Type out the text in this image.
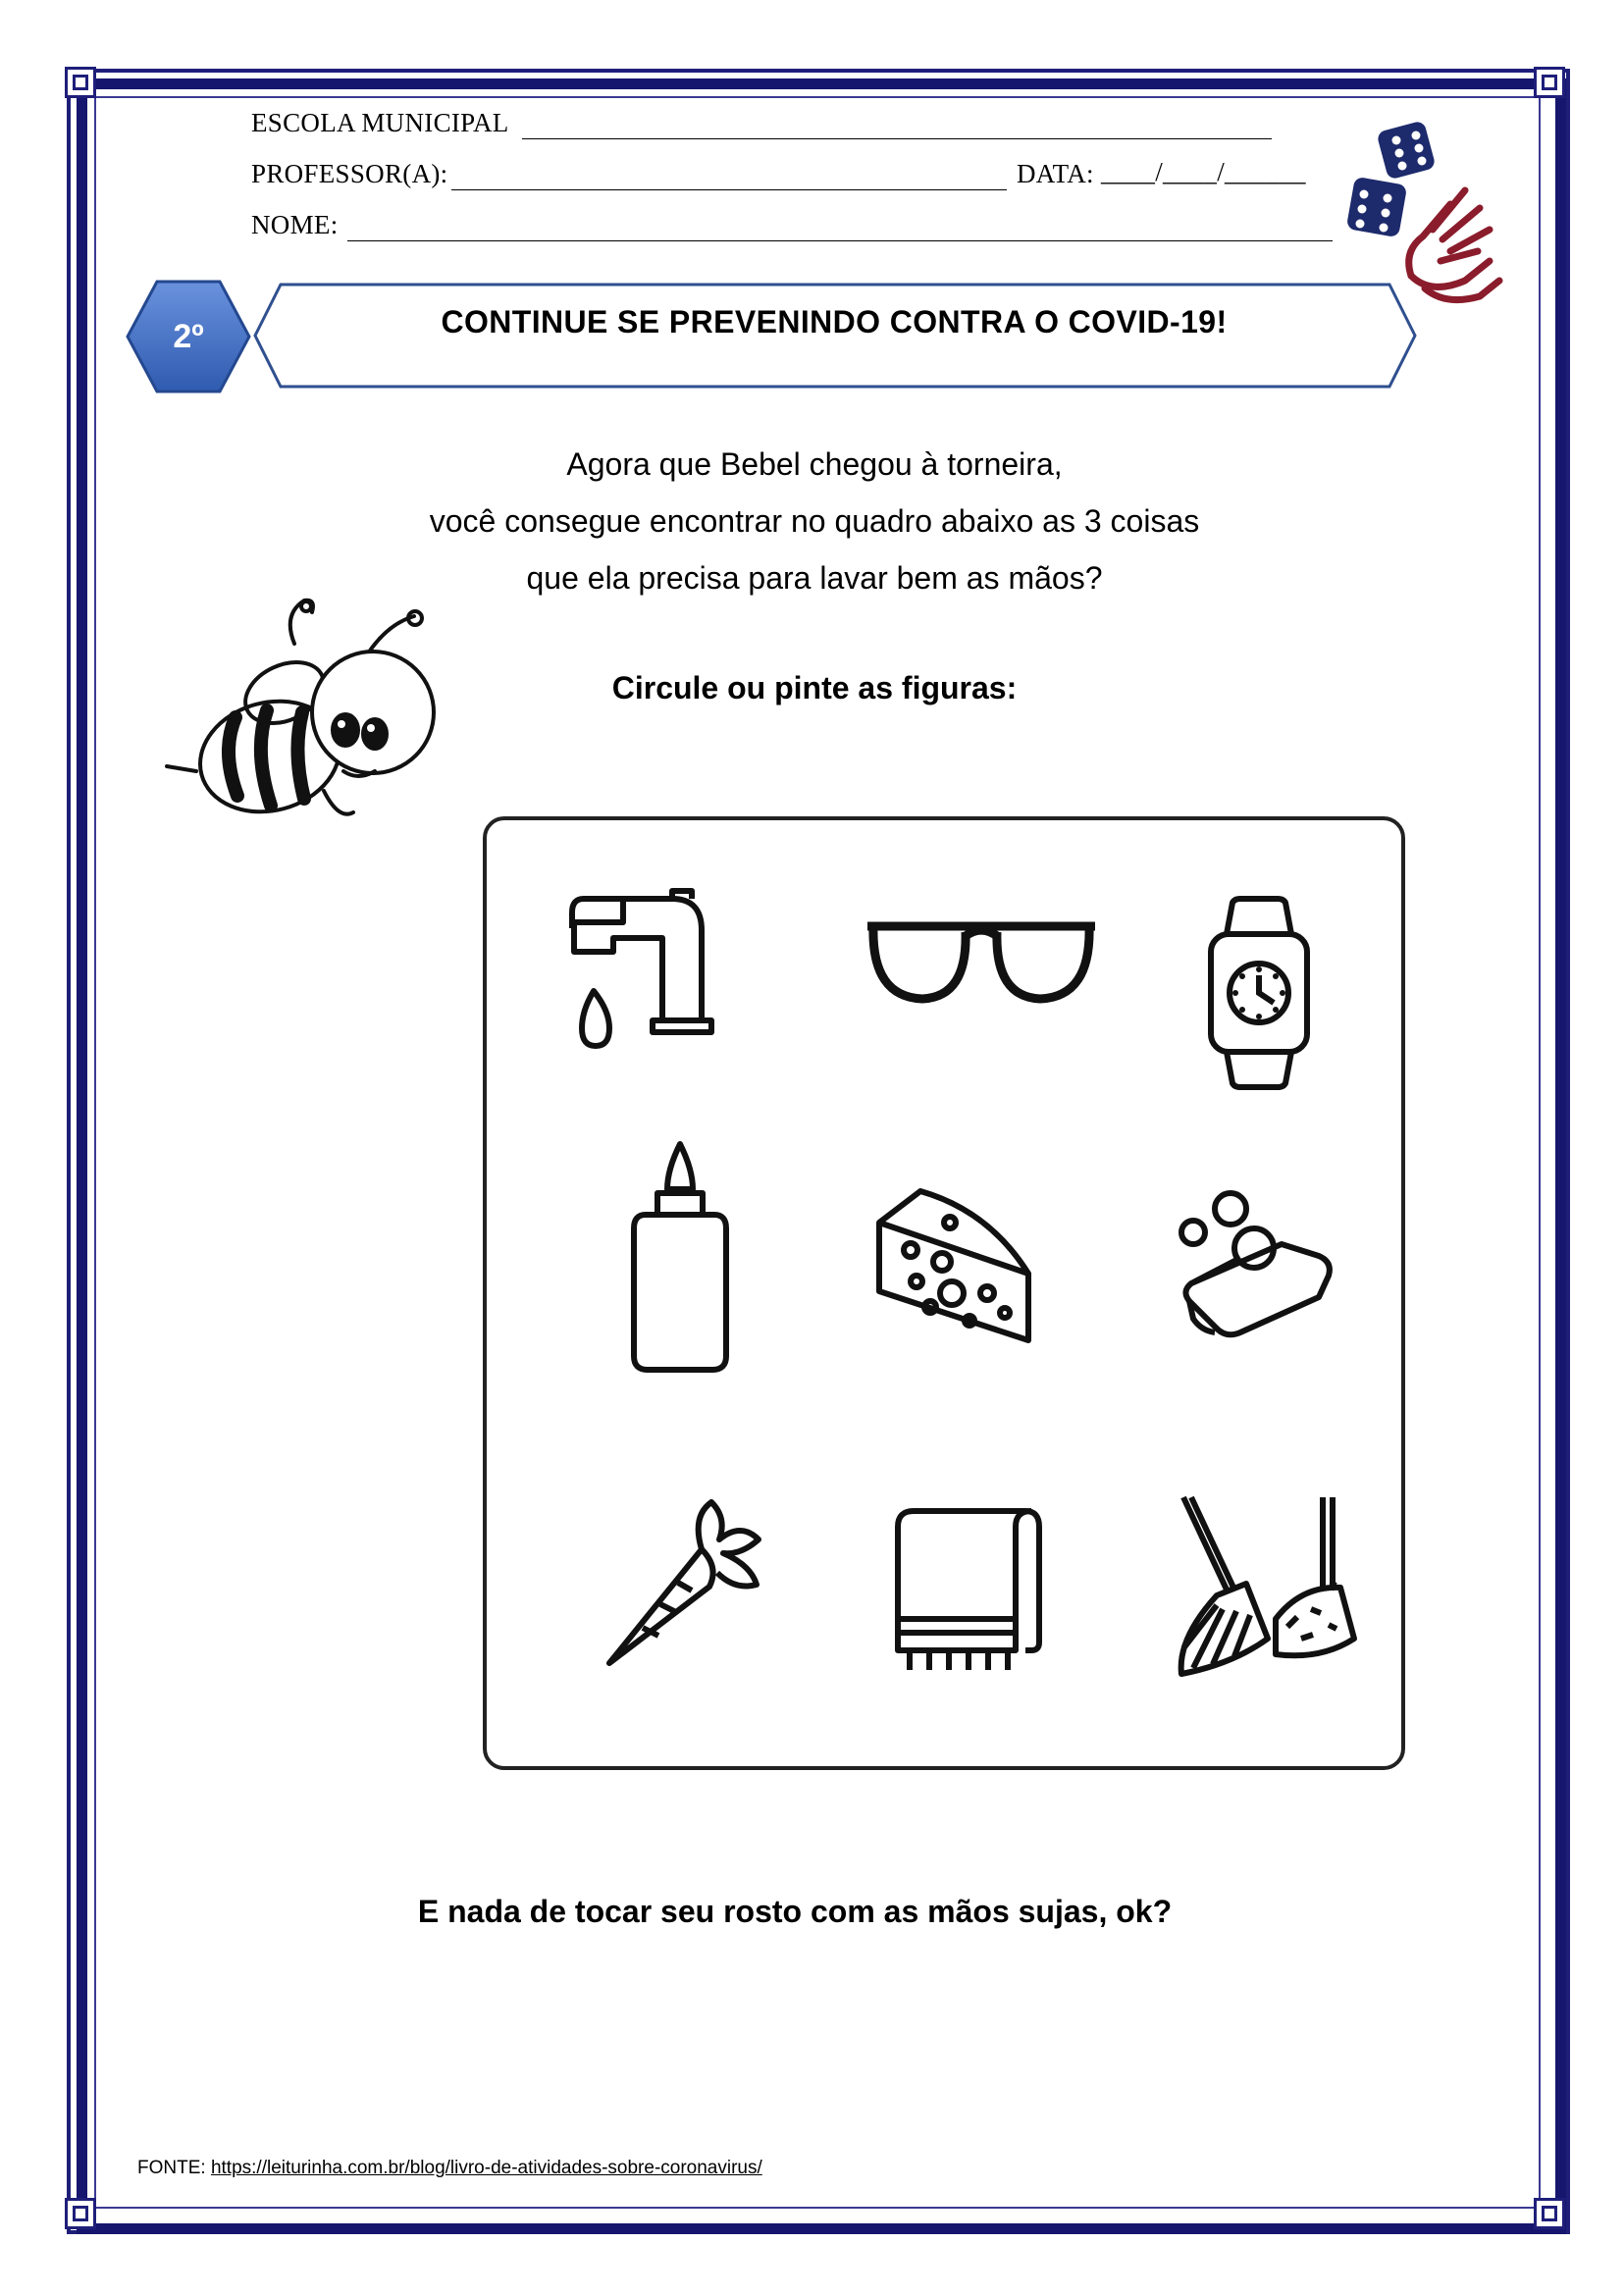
ESCOLA MUNICIPAL
PROFESSOR(A):	DATA: ____/____/______
NOME:
2º	CONTINUE SE PREVENINDO CONTRA O COVID-19!
Agora que Bebel chegou à torneira,
você consegue encontrar no quadro abaixo as 3 coisas
que ela precisa para lavar bem as mãos?
Circule ou pinte as figuras:
E nada de tocar seu rosto com as mãos sujas, ok?
FONTE: https://leiturinha.com.br/blog/livro-de-atividades-sobre-coronavirus/
